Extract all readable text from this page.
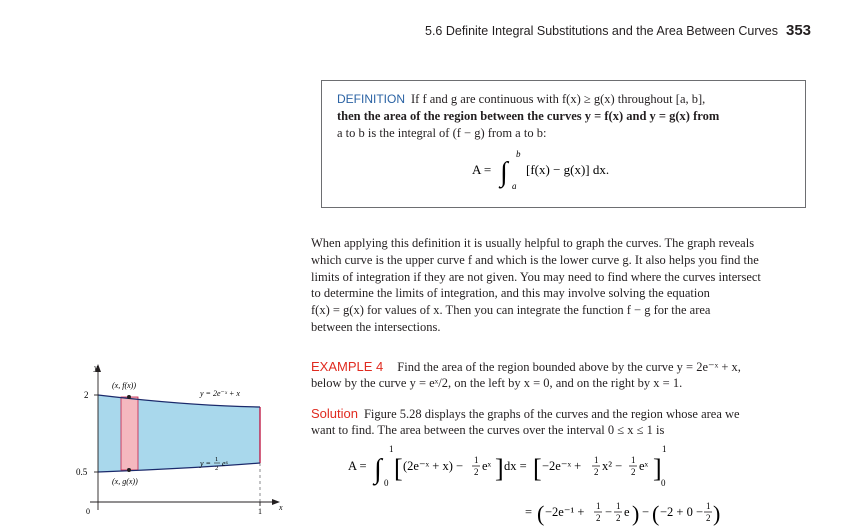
5.6 Definite Integral Substitutions and the Area Between Curves 353
DEFINITION If f and g are continuous with f(x) ≥ g(x) throughout [a, b],
then the area of the region between the curves y = f(x) and y = g(x) from
a to b is the integral of (f − g) from a to b:
A = ∫
b
a
[f(x) − g(x)] dx.
When applying this definition it is usually helpful to graph the curves. The graph reveals
which curve is the upper curve f and which is the lower curve g. It also helps you find the
limits of integration if they are not given. You may need to find where the curves intersect
to determine the limits of integration, and this may involve solving the equation
f(x) = g(x) for values of x. Then you can integrate the function f − g for the area
between the intersections.
EXAMPLE 4 Find the area of the region bounded above by the curve y = 2e⁻ˣ + x,
below by the curve y = eˣ/2, on the left by x = 0, and on the right by x = 1.
Solution Figure 5.28 displays the graphs of the curves and the region whose area we
want to find. The area between the curves over the interval 0 ≤ x ≤ 1 is
A = ∫
1
0 [ (2e⁻ˣ + x) − 1
2 eˣ ] dx = [ −2e⁻ˣ + 1
2 x² − 1
2 eˣ ]
1
0
= ( −2e⁻¹ + 1
2 − 1
2 e ) − ( −2 + 0 − 1
2 )
y
x
2
0.5
0	1
(x, f(x))
(x, g(x))
y = 2e⁻ˣ + x
y = 1
2
eˣ
